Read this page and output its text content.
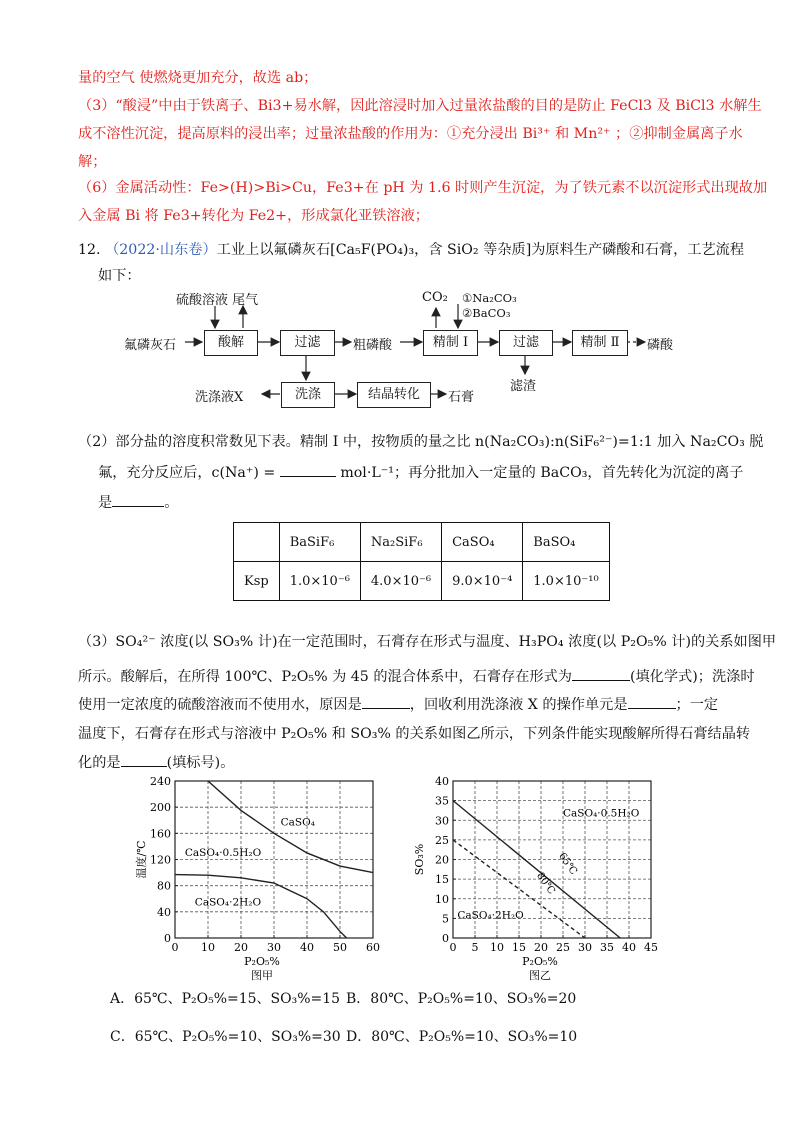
量的空气 使燃烧更加充分，故选 ab；
（3）“酸浸”中由于铁离子、Bi3+易水解，因此溶浸时加入过量浓盐酸的目的是防止 FeCl3 及 BiCl3 水解生
成不溶性沉淀，提高原料的浸出率；过量浓盐酸的作用为：①充分浸出 Bi³⁺ 和 Mn²⁺ ；②抑制金属离子水
解；
（6）金属活动性：Fe>(H)>Bi>Cu，Fe3+在 pH 为 1.6 时则产生沉淀，为了铁元素不以沉淀形式出现故加
入金属 Bi 将 Fe3+转化为 Fe2+，形成氯化亚铁溶液；
12. （2022·山东卷）工业上以氟磷灰石[Ca₅F(PO₄)₃，含 SiO₂ 等杂质]为原料生产磷酸和石膏，工艺流程
如下：
硫酸溶液 尾气	CO₂ ①Na₂CO₃
②BaCO₃
氟磷灰石	酸解	过滤	粗磷酸	精制 Ⅰ	过滤	精制 Ⅱ	磷酸
滤渣
洗涤液X	洗涤	结晶转化	石膏
（2）部分盐的溶度积常数见下表。精制 Ⅰ 中，按物质的量之比 n(Na₂CO₃):n(SiF₆²⁻)=1:1 加入 Na₂CO₃ 脱
氟，充分反应后，c(Na⁺) =	mol·L⁻¹；再分批加入一定量的 BaCO₃，首先转化为沉淀的离子
是	。
	BaSiF₆	Na₂SiF₆	CaSO₄	BaSO₄
Ksp	1.0×10⁻⁶	4.0×10⁻⁶	9.0×10⁻⁴	1.0×10⁻¹⁰
（3）SO₄²⁻ 浓度(以 SO₃% 计)在一定范围时，石膏存在形式与温度、H₃PO₄ 浓度(以 P₂O₅% 计)的关系如图甲
所示。酸解后，在所得 100℃、P₂O₅% 为 45 的混合体系中，石膏存在形式为	(填化学式)；洗涤时
使用一定浓度的硫酸溶液而不使用水，原因是	，回收利用洗涤液 X 的操作单元是	；一定
温度下，石膏存在形式与溶液中 P₂O₅% 和 SO₃% 的关系如图乙所示，下列条件能实现酸解所得石膏结晶转
化的是	(填标号)。
0 10 20 30 40 50 60
0
40
80
120
160
200
240
CaSO₄
CaSO₄·0.5H₂O
CaSO₄·2H₂O
P₂O₅%
图甲
温度/℃
0 5 10 15 20 25 30 35 40 45
0
5
10
15
20
25
30
35
40
65℃
80℃
CaSO₄·0.5H₂O
CaSO₄·2H₂O
P₂O₅%
图乙
SO₃%
A．65℃、P₂O₅%=15、SO₃%=15 B．80℃、P₂O₅%=10、SO₃%=20
C．65℃、P₂O₅%=10、SO₃%=30 D．80℃、P₂O₅%=10、SO₃%=10
